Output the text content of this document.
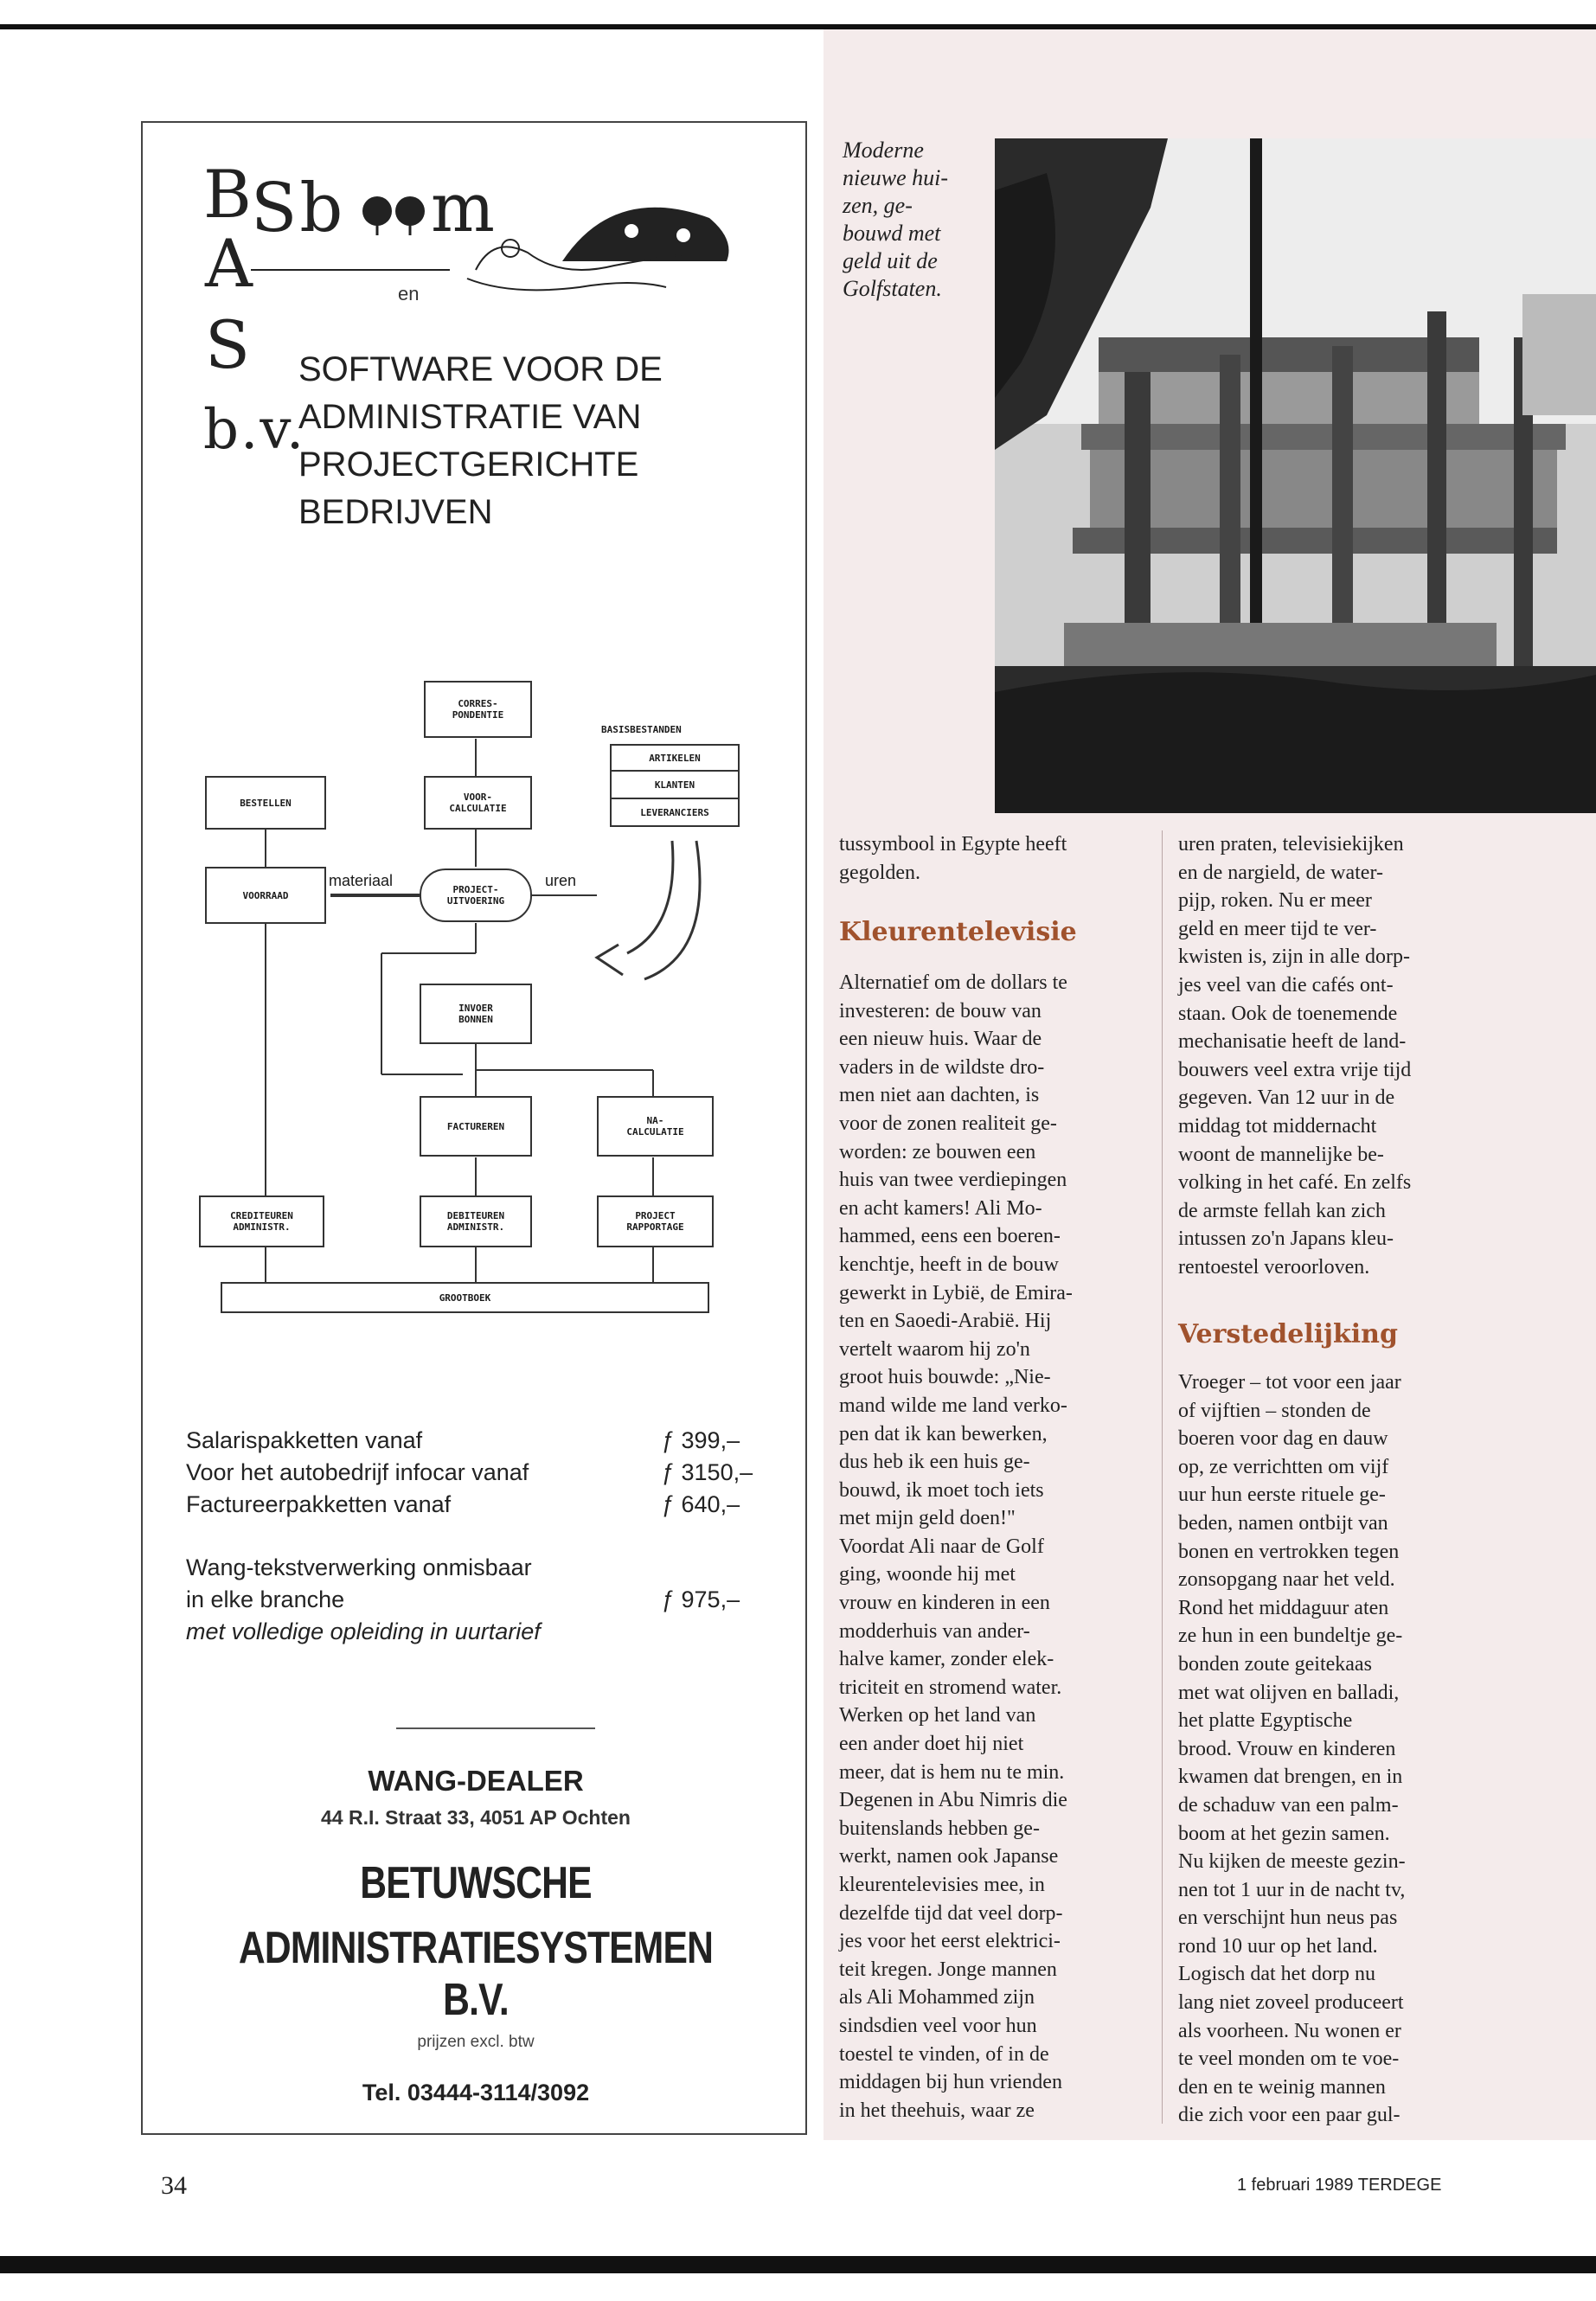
B
A
S
b.v.
Sb m
en
SOFTWARE VOOR DE
ADMINISTRATIE VAN
PROJECTGERICHTE
BEDRIJVEN
CORRES-
PONDENTIE
BASISBESTANDEN
ARTIKELEN
KLANTEN
LEVERANCIERS
BESTELLEN	VOOR-
CALCULATIE
VOORRAAD
materiaal
PROJECT-
UITVOERING
uren
INVOER
BONNEN
FACTUREREN	NA-
CALCULATIE
CREDITEUREN
ADMINISTR.
DEBITEUREN
ADMINISTR.
PROJECT
RAPPORTAGE
GROOTBOEK
Salarispakketten vanaf	ƒ 399,–
Voor het autobedrijf infocar vanaf	ƒ 3150,–
Factureerpakketten vanaf	ƒ 640,–
Wang-tekstverwerking onmisbaar
in elke branche	ƒ 975,–
met volledige opleiding in uurtarief
WANG-DEALER
44 R.I. Straat 33, 4051 AP Ochten
BETUWSCHE
ADMINISTRATIESYSTEMEN B.V.
prijzen excl. btw
Tel. 03444-3114/3092
Moderne
nieuwe hui-
zen, ge-
bouwd met
geld uit de
Golfstaten.
tussymbool in Egypte heeft
gegolden.
Kleurentelevisie
Alternatief om de dollars te
investeren: de bouw van
een nieuw huis. Waar de
vaders in de wildste dro-
men niet aan dachten, is
voor de zonen realiteit ge-
worden: ze bouwen een
huis van twee verdiepingen
en acht kamers! Ali Mo-
hammed, eens een boeren-
kenchtje, heeft in de bouw
gewerkt in Lybië, de Emira-
ten en Saoedi-Arabië. Hij
vertelt waarom hij zo'n
groot huis bouwde: „Nie-
mand wilde me land verko-
pen dat ik kan bewerken,
dus heb ik een huis ge-
bouwd, ik moet toch iets
met mijn geld doen!"
Voordat Ali naar de Golf
ging, woonde hij met
vrouw en kinderen in een
modderhuis van ander-
halve kamer, zonder elek-
triciteit en stromend water.
Werken op het land van
een ander doet hij niet
meer, dat is hem nu te min.
Degenen in Abu Nimris die
buitenslands hebben ge-
werkt, namen ook Japanse
kleurentelevisies mee, in
dezelfde tijd dat veel dorp-
jes voor het eerst elektrici-
teit kregen. Jonge mannen
als Ali Mohammed zijn
sindsdien veel voor hun
toestel te vinden, of in de
middagen bij hun vrienden
in het theehuis, waar ze
uren praten, televisiekijken
en de nargield, de water-
pijp, roken. Nu er meer
geld en meer tijd te ver-
kwisten is, zijn in alle dorp-
jes veel van die cafés ont-
staan. Ook de toenemende
mechanisatie heeft de land-
bouwers veel extra vrije tijd
gegeven. Van 12 uur in de
middag tot middernacht
woont de mannelijke be-
volking in het café. En zelfs
de armste fellah kan zich
intussen zo'n Japans kleu-
rentoestel veroorloven.
Verstedelijking
Vroeger – tot voor een jaar
of vijftien – stonden de
boeren voor dag en dauw
op, ze verrichtten om vijf
uur hun eerste rituele ge-
beden, namen ontbijt van
bonen en vertrokken tegen
zonsopgang naar het veld.
Rond het middaguur aten
ze hun in een bundeltje ge-
bonden zoute geitekaas
met wat olijven en balladi,
het platte Egyptische
brood. Vrouw en kinderen
kwamen dat brengen, en in
de schaduw van een palm-
boom at het gezin samen.
Nu kijken de meeste gezin-
nen tot 1 uur in de nacht tv,
en verschijnt hun neus pas
rond 10 uur op het land.
Logisch dat het dorp nu
lang niet zoveel produceert
als voorheen. Nu wonen er
te veel monden om te voe-
den en te weinig mannen
die zich voor een paar gul-
34	1 februari 1989 TERDEGE
